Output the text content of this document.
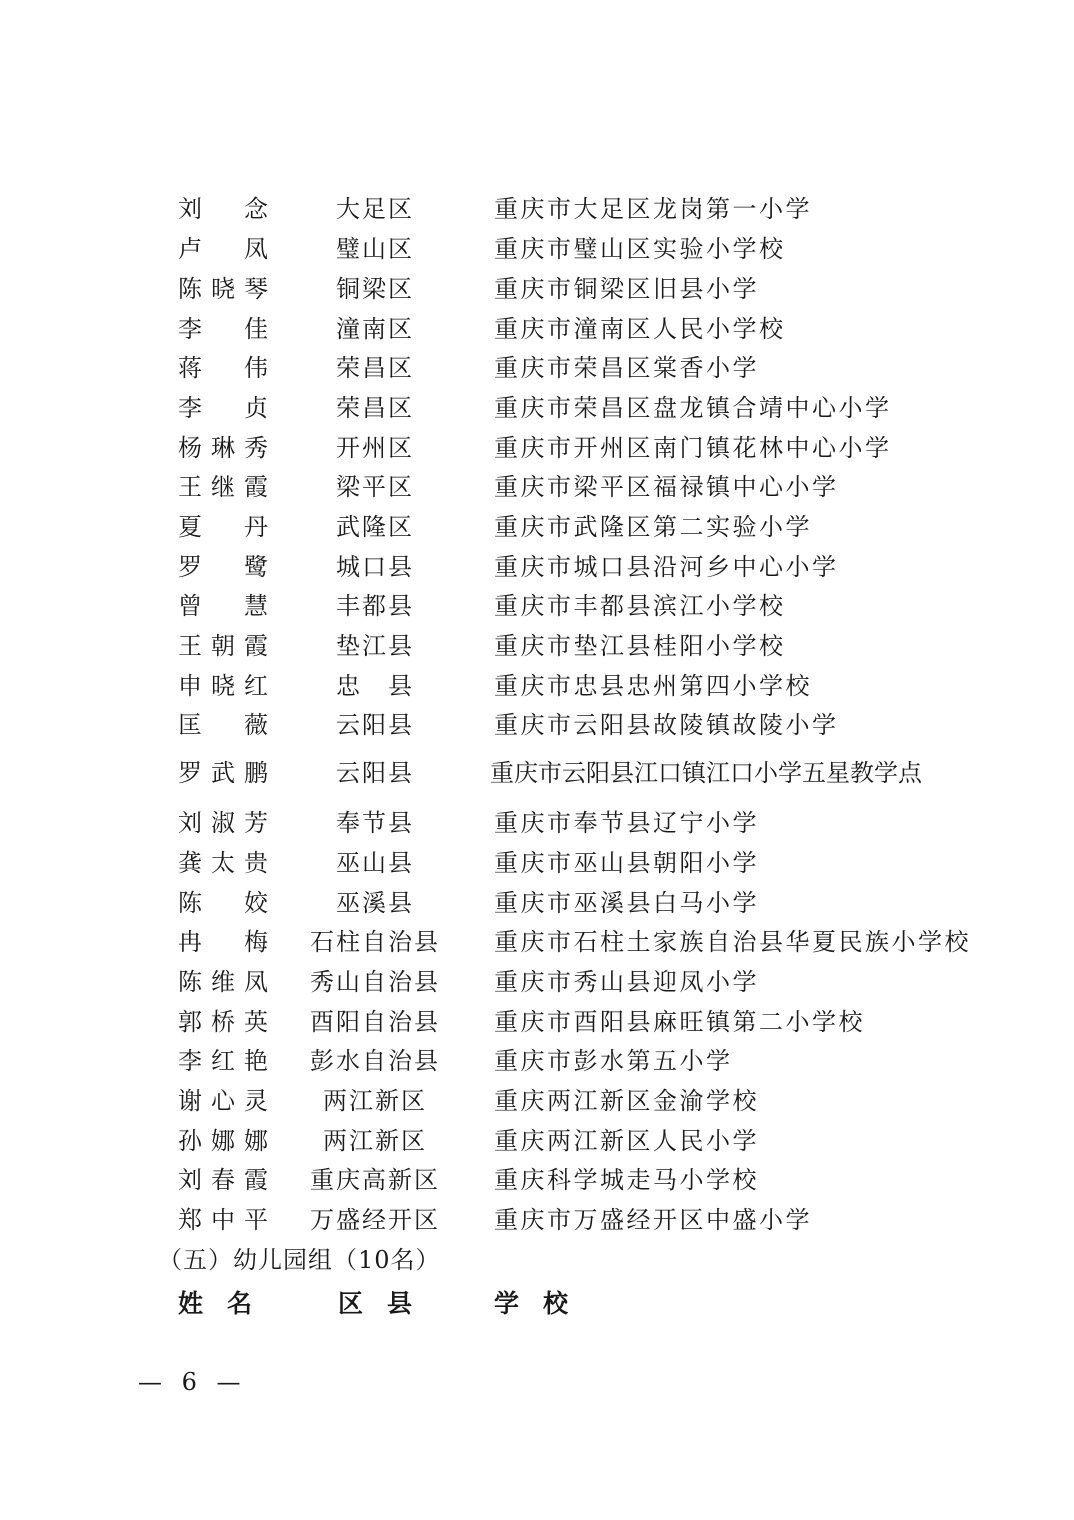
刘　念	大足区	重庆市大足区龙岗第一小学
卢　凤	璧山区	重庆市璧山区实验小学校
陈晓琴	铜梁区	重庆市铜梁区旧县小学
李　佳	潼南区	重庆市潼南区人民小学校
蒋　伟	荣昌区	重庆市荣昌区棠香小学
李　贞	荣昌区	重庆市荣昌区盘龙镇合靖中心小学
杨琳秀	开州区	重庆市开州区南门镇花林中心小学
王继霞	梁平区	重庆市梁平区福禄镇中心小学
夏　丹	武隆区	重庆市武隆区第二实验小学
罗　鹭	城口县	重庆市城口县沿河乡中心小学
曾　慧	丰都县	重庆市丰都县滨江小学校
王朝霞	垫江县	重庆市垫江县桂阳小学校
申晓红	忠　县	重庆市忠县忠州第四小学校
匡　薇	云阳县	重庆市云阳县故陵镇故陵小学
罗武鹏	云阳县	重庆市云阳县江口镇江口小学五星教学点
刘淑芳	奉节县	重庆市奉节县辽宁小学
龚太贵	巫山县	重庆市巫山县朝阳小学
陈　姣	巫溪县	重庆市巫溪县白马小学
冉　梅	石柱自治县	重庆市石柱土家族自治县华夏民族小学校
陈维凤	秀山自治县	重庆市秀山县迎凤小学
郭桥英	酉阳自治县	重庆市酉阳县麻旺镇第二小学校
李红艳	彭水自治县	重庆市彭水第五小学
谢心灵	两江新区	重庆两江新区金渝学校
孙娜娜	两江新区	重庆两江新区人民小学
刘春霞	重庆高新区	重庆科学城走马小学校
郑中平	万盛经开区	重庆市万盛经开区中盛小学
（五）幼儿园组（10名）
姓名	区县	学校
— 6 —
